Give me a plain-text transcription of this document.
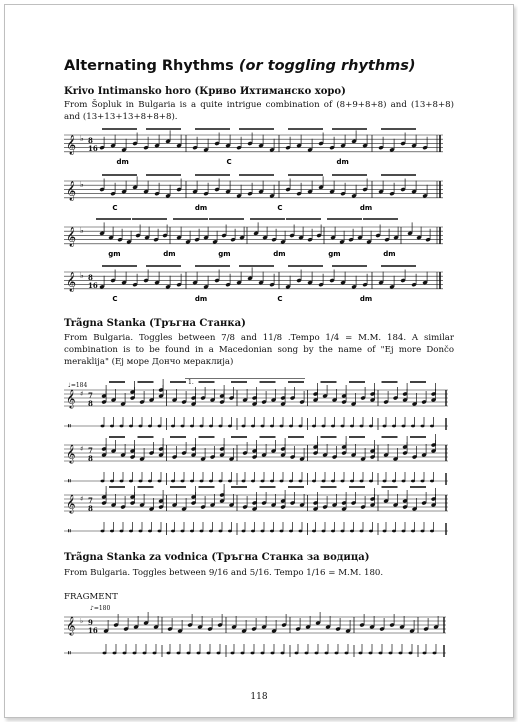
Alternating Rhythms (or toggling rhythms)
Krivo Intimansko horo (Криво Ихтиманско хоро)
From Šopluk in Bulgaria is a quite intrigue combination of (8+9+8+8) and (13+8+8) and (13+13+13+8+8+8).
Trãgna Stanka (Тръгна Станка)
From Bulgaria. Toggles between 7/8 and 11/8 .Tempo 1/4 = M.M. 184. A similar combination is to be found in a Macedonian song by the name of "Ej more Dončo meraklija" (Еј море Дончо мераклија)
Trãgna Stanka za vodnica (Тръгна Станка за водица)
From Bulgaria. Toggles between 9/16 and 5/16. Tempo 1/16 = M.M. 180.
FRAGMENT
118
𝄞 ♭ 8
16
dm	C	dm
𝄞 ♭
C	dm	C	dm
𝄞 ♭
gm	dm	gm	dm	gm	dm
𝄞 ♭ 8
16
C	dm	C	dm
♩=184
𝄞 ♯ 7
8
𝄥
1.
𝄞 ♯ 7
8
𝄥
𝄞 ♯ 7
8
𝄥
♪=180
𝄞 ♭ 9
16
𝄥
